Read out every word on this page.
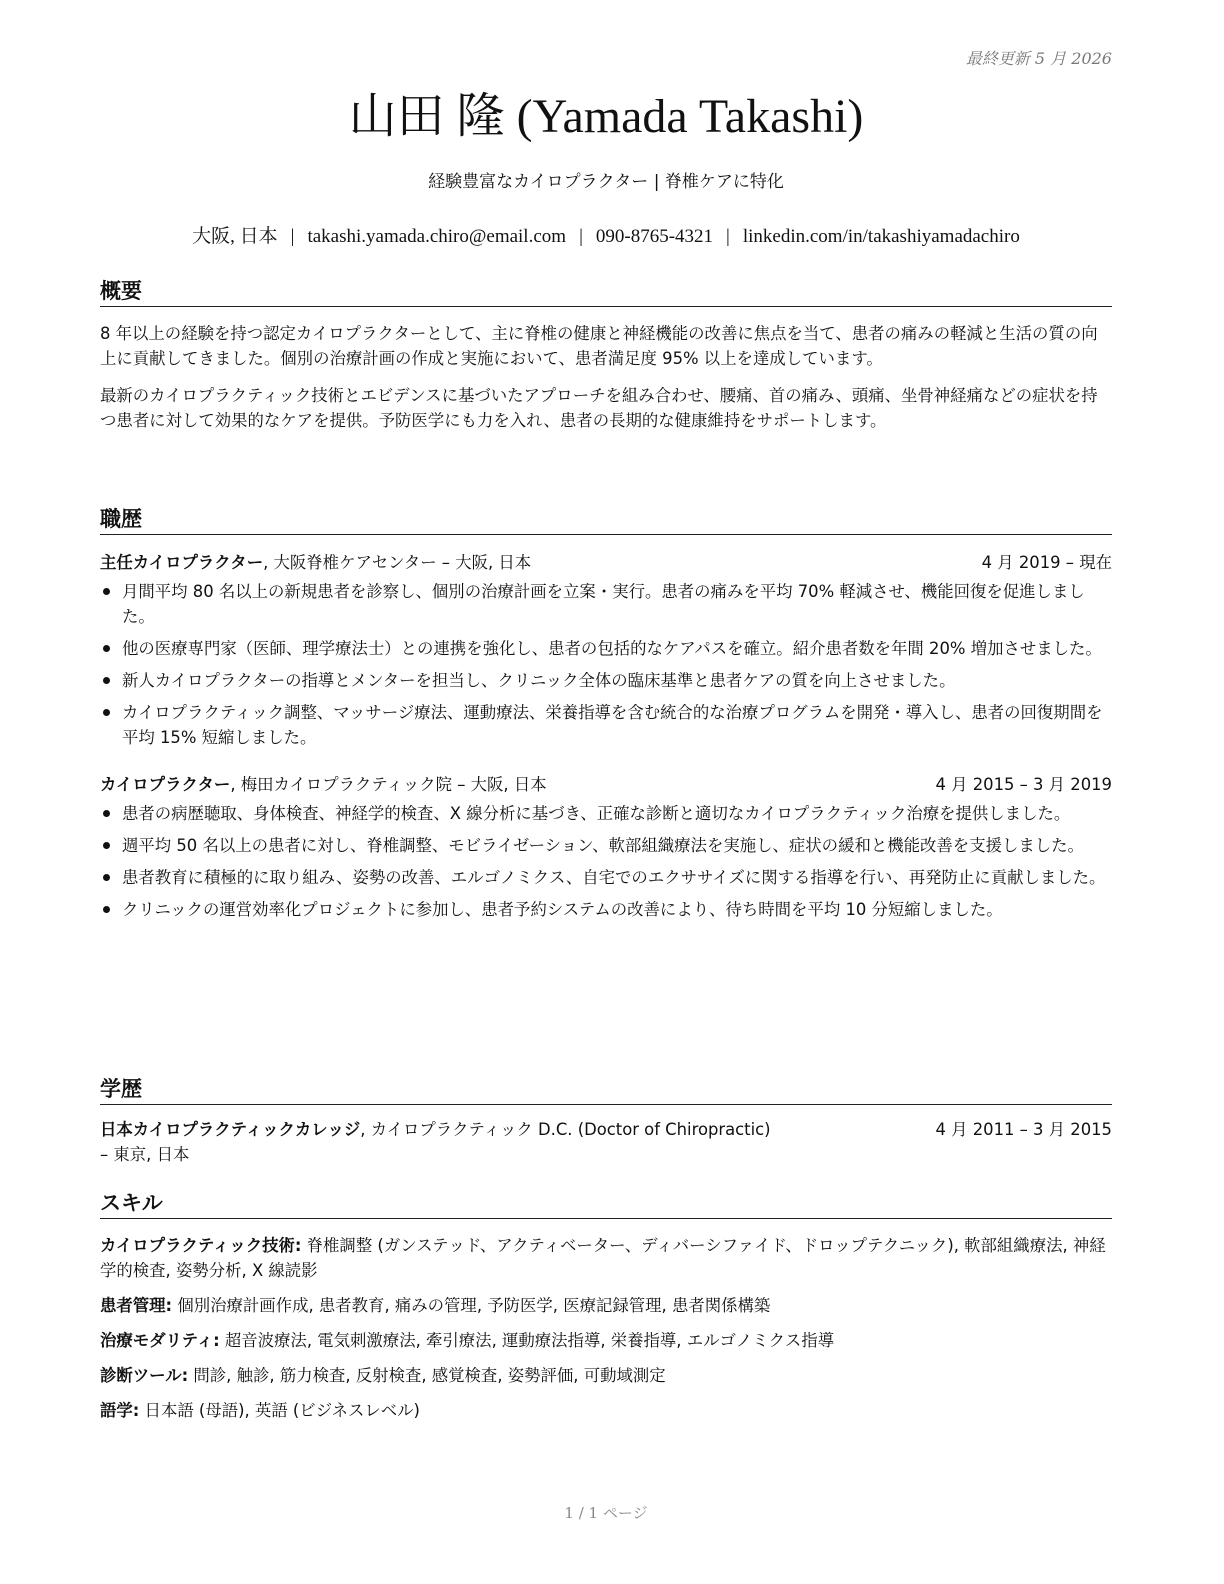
最終更新 5 月 2026
山田 隆 (Yamada Takashi)
経験豊富なカイロプラクター | 脊椎ケアに特化
大阪, 日本 | takashi.yamada.chiro@email.com | 090-8765-4321 | linkedin.com/in/takashiyamadachiro
概要

8 年以上の経験を持つ認定カイロプラクターとして、主に脊椎の健康と神経機能の改善に焦点を当て、患者の痛みの軽減と生活の質の向上に貢献してきました。個別の治療計画の作成と実施において、患者満足度 95% 以上を達成しています。

最新のカイロプラクティック技術とエビデンスに基づいたアプローチを組み合わせ、腰痛、首の痛み、頭痛、坐骨神経痛などの症状を持つ患者に対して効果的なケアを提供。予防医学にも力を入れ、患者の長期的な健康維持をサポートします。

職歴
主任カイロプラクター, 大阪脊椎ケアセンター – 大阪, 日本	4 月 2019 – 現在
月間平均 80 名以上の新規患者を診察し、個別の治療計画を立案・実行。患者の痛みを平均 70% 軽減させ、機能回復を促進しました。
他の医療専門家（医師、理学療法士）との連携を強化し、患者の包括的なケアパスを確立。紹介患者数を年間 20% 増加させました。
新人カイロプラクターの指導とメンターを担当し、クリニック全体の臨床基準と患者ケアの質を向上させました。
カイロプラクティック調整、マッサージ療法、運動療法、栄養指導を含む統合的な治療プログラムを開発・導入し、患者の回復期間を平均 15% 短縮しました。
カイロプラクター, 梅田カイロプラクティック院 – 大阪, 日本	4 月 2015 – 3 月 2019
患者の病歴聴取、身体検査、神経学的検査、X 線分析に基づき、正確な診断と適切なカイロプラクティック治療を提供しました。
週平均 50 名以上の患者に対し、脊椎調整、モビライゼーション、軟部組織療法を実施し、症状の緩和と機能改善を支援しました。
患者教育に積極的に取り組み、姿勢の改善、エルゴノミクス、自宅でのエクササイズに関する指導を行い、再発防止に貢献しました。
クリニックの運営効率化プロジェクトに参加し、患者予約システムの改善により、待ち時間を平均 10 分短縮しました。
学歴
日本カイロプラクティックカレッジ, カイロプラクティック D.C. (Doctor of Chiropractic)
– 東京, 日本
4 月 2011 – 3 月 2015
スキル

カイロプラクティック技術: 脊椎調整 (ガンステッド、アクティベーター、ディバーシファイド、ドロップテクニック), 軟部組織療法, 神経学的検査, 姿勢分析, X 線読影

患者管理: 個別治療計画作成, 患者教育, 痛みの管理, 予防医学, 医療記録管理, 患者関係構築

治療モダリティ: 超音波療法, 電気刺激療法, 牽引療法, 運動療法指導, 栄養指導, エルゴノミクス指導

診断ツール: 問診, 触診, 筋力検査, 反射検査, 感覚検査, 姿勢評価, 可動域測定

語学: 日本語 (母語), 英語 (ビジネスレベル)

1 / 1 ページ
